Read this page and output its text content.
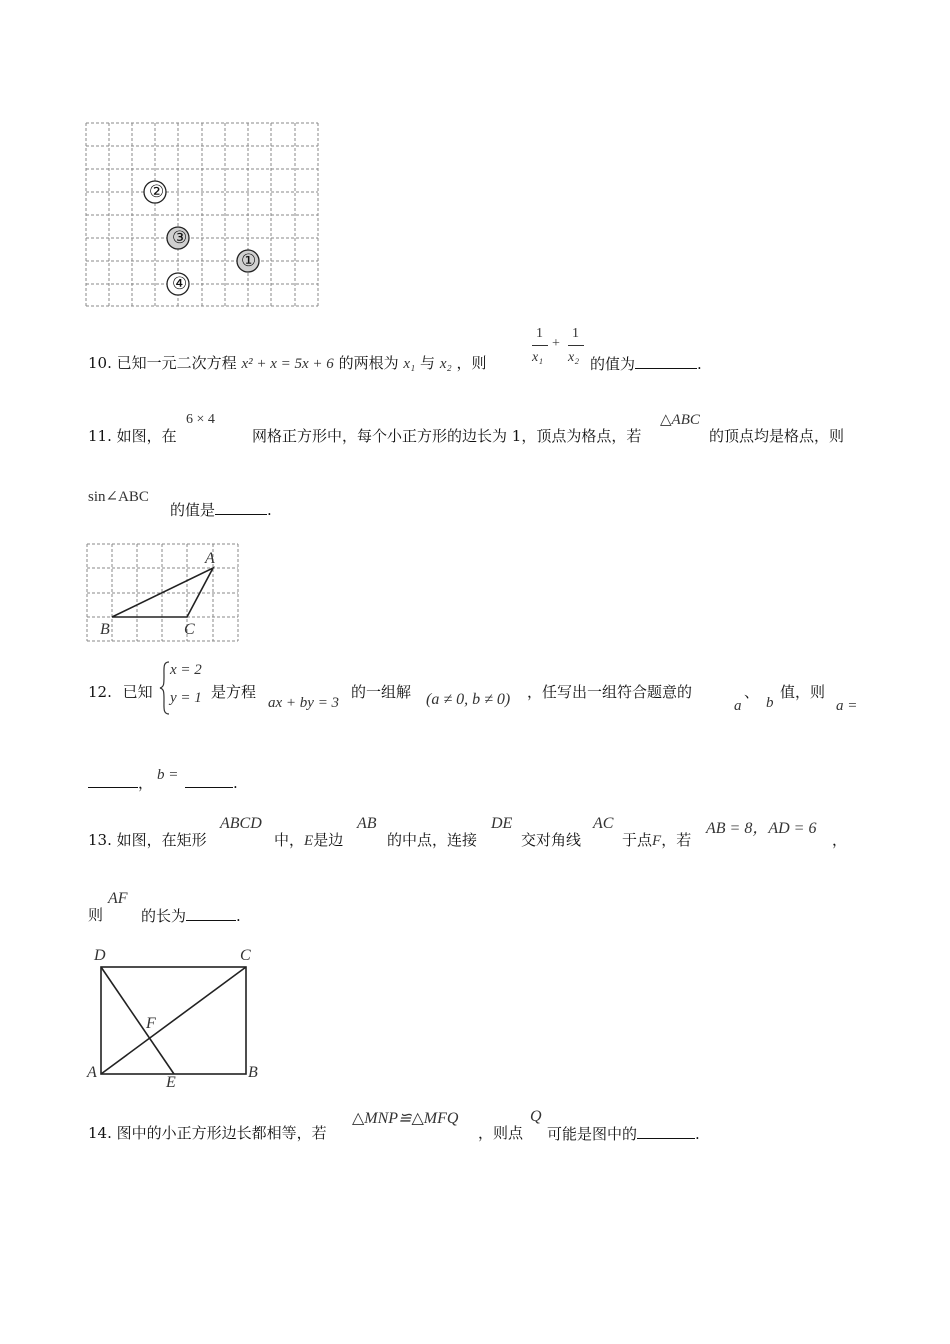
②
③
①
④
10. 已知一元二次方程 x² + x = 5x + 6 的两根为 x₁ 与 x₂ ，则
1
x₁
+
1
x₂ 的值为	.
11. 如图，在
6 × 4
网格正方形中，每个小正方形的边长为 1，顶点为格点，若
△ABC
的顶点均是格点，则
sin∠ABC
的值是	.
A
B	C
12. 已知
x = 2
y = 1 是方程
ax + by = 3
的一组解 (a ≠ 0, b ≠ 0) ，任写出一组符合题意的
a
、
b
值，则
a =
， b =	.
13. 如图，在矩形
ABCD
中，E是边
AB
的中点，连接
DE
交对角线
AC
于点F，若
AB = 8，AD = 6
，
则
AF
的长为	.
D	C
F
A
E
B
14. 图中的小正方形边长都相等，若
△MNP≌△MFQ
，则点
Q
可能是图中的	.
